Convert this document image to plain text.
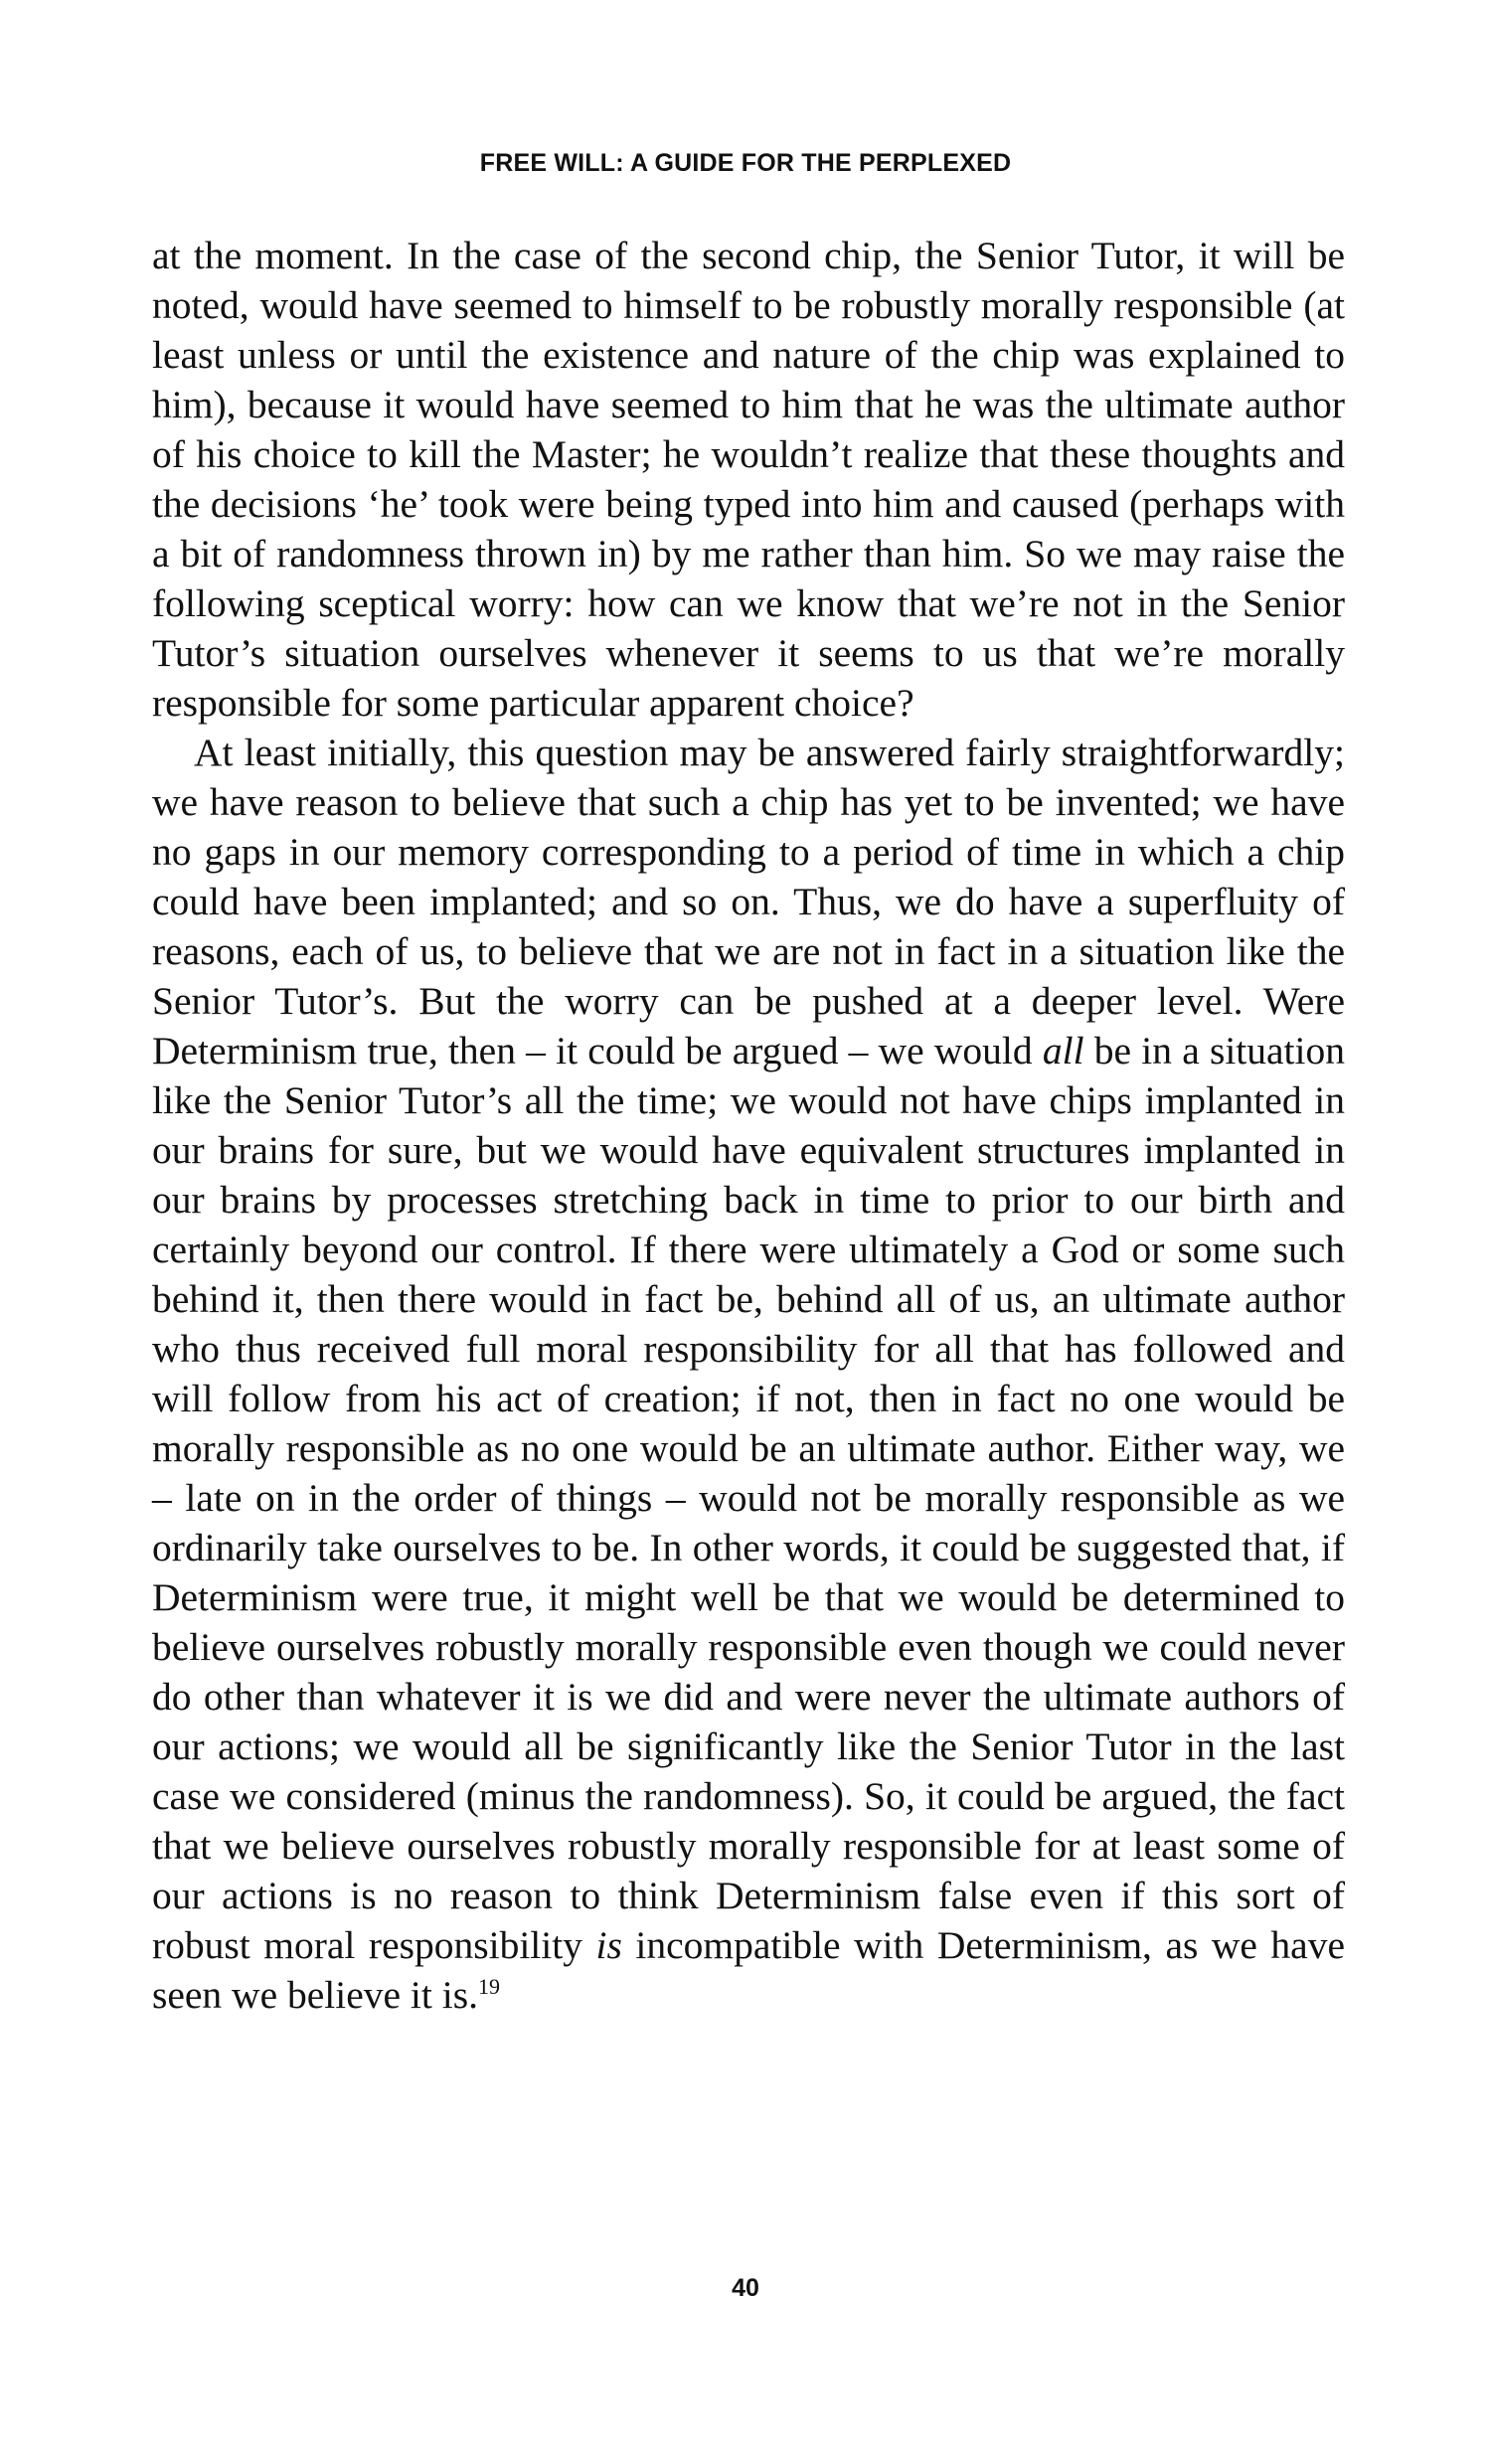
FREE WILL: A GUIDE FOR THE PERPLEXED

at the moment. In the case of the second chip, the Senior Tutor, it will be noted, would have seemed to himself to be robustly morally responsible (at least unless or until the existence and nature of the chip was explained to him), because it would have seemed to him that he was the ultimate author of his choice to kill the Master; he wouldn’t realize that these thoughts and the decisions ‘he’ took were being typed into him and caused (perhaps with a bit of randomness thrown in) by me rather than him. So we may raise the following sceptical worry: how can we know that we’re not in the Senior Tutor’s situation ourselves whenever it seems to us that we’re morally responsible for some particular apparent choice?

At least initially, this question may be answered fairly straightforwardly; we have reason to believe that such a chip has yet to be invented; we have no gaps in our memory corresponding to a period of time in which a chip could have been implanted; and so on. Thus, we do have a superfluity of reasons, each of us, to believe that we are not in fact in a situation like the Senior Tutor’s. But the worry can be pushed at a deeper level. Were Determinism true, then – it could be argued – we would all be in a situation like the Senior Tutor’s all the time; we would not have chips implanted in our brains for sure, but we would have equivalent structures implanted in our brains by processes stretching back in time to prior to our birth and certainly beyond our control. If there were ultimately a God or some such behind it, then there would in fact be, behind all of us, an ultimate author who thus received full moral responsibility for all that has followed and will follow from his act of creation; if not, then in fact no one would be morally responsible as no one would be an ultimate author. Either way, we – late on in the order of things – would not be morally responsible as we ordinarily take ourselves to be. In other words, it could be suggested that, if Determinism were true, it might well be that we would be determined to believe ourselves robustly morally responsible even though we could never do other than whatever it is we did and were never the ultimate authors of our actions; we would all be significantly like the Senior Tutor in the last case we considered (minus the randomness). So, it could be argued, the fact that we believe ourselves robustly morally responsible for at least some of our actions is no reason to think Determinism false even if this sort of robust moral responsibility is incompatible with Determinism, as we have seen we believe it is.$^{19}$

40
